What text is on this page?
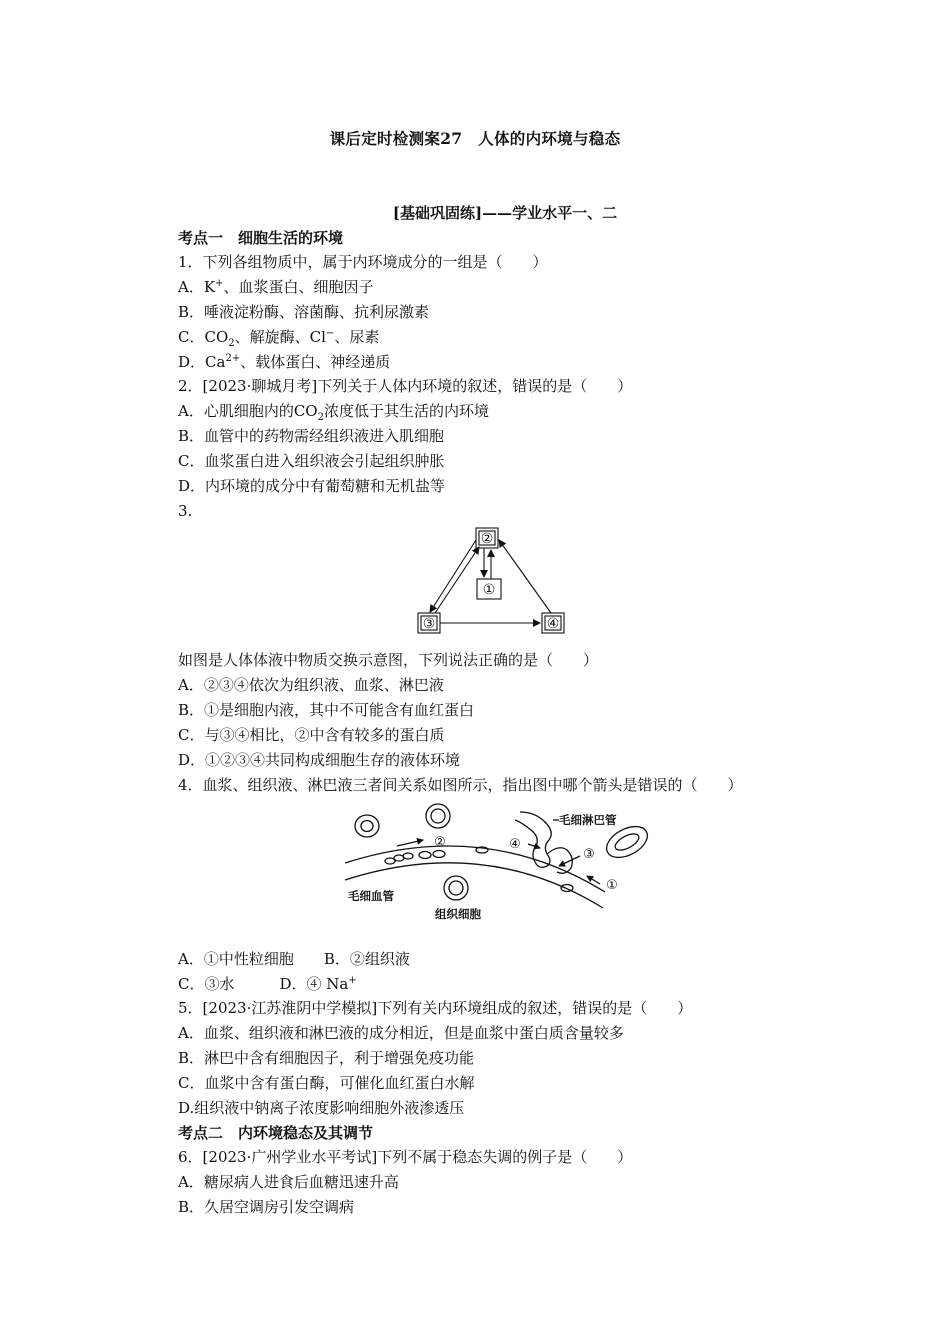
课后定时检测案27　人体的内环境与稳态
[基础巩固练]——学业水平一、二
考点一　细胞生活的环境
1．下列各组物质中，属于内环境成分的一组是（　　）
A．K+、血浆蛋白、细胞因子
B．唾液淀粉酶、溶菌酶、抗利尿激素
C．$CO_2$、解旋酶、Cl−、尿素
D．$Ca^{2+}$、载体蛋白、神经递质
2．[2023·聊城月考]下列关于人体内环境的叙述，错误的是（　　）
A．心肌细胞内的$CO_2$浓度低于其生活的内环境
B．血管中的药物需经组织液进入肌细胞
C．血浆蛋白进入组织液会引起组织肿胀
D．内环境的成分中有葡萄糖和无机盐等
3.
②
①
③	④
如图是人体体液中物质交换示意图，下列说法正确的是（　　）
A．②③④依次为组织液、血浆、淋巴液
B．①是细胞内液，其中不可能含有血红蛋白
C．与③④相比，②中含有较多的蛋白质
D．①②③④共同构成细胞生存的液体环境
4．血浆、组织液、淋巴液三者间关系如图所示，指出图中哪个箭头是错误的（　　）
②	④
③
①
毛细淋巴管
毛细血管
组织细胞
A．①中性粒细胞　　 B．②组织液
C．③水　　　	D．④ Na+
5．[2023·江苏淮阴中学模拟]下列有关内环境组成的叙述，错误的是（　　）
A．血浆、组织液和淋巴液的成分相近，但是血浆中蛋白质含量较多
B．淋巴中含有细胞因子，利于增强免疫功能
C．血浆中含有蛋白酶，可催化血红蛋白水解
D.组织液中钠离子浓度影响细胞外液渗透压
考点二　内环境稳态及其调节
6．[2023·广州学业水平考试]下列不属于稳态失调的例子是（　　）
A．糖尿病人进食后血糖迅速升高
B．久居空调房引发空调病
